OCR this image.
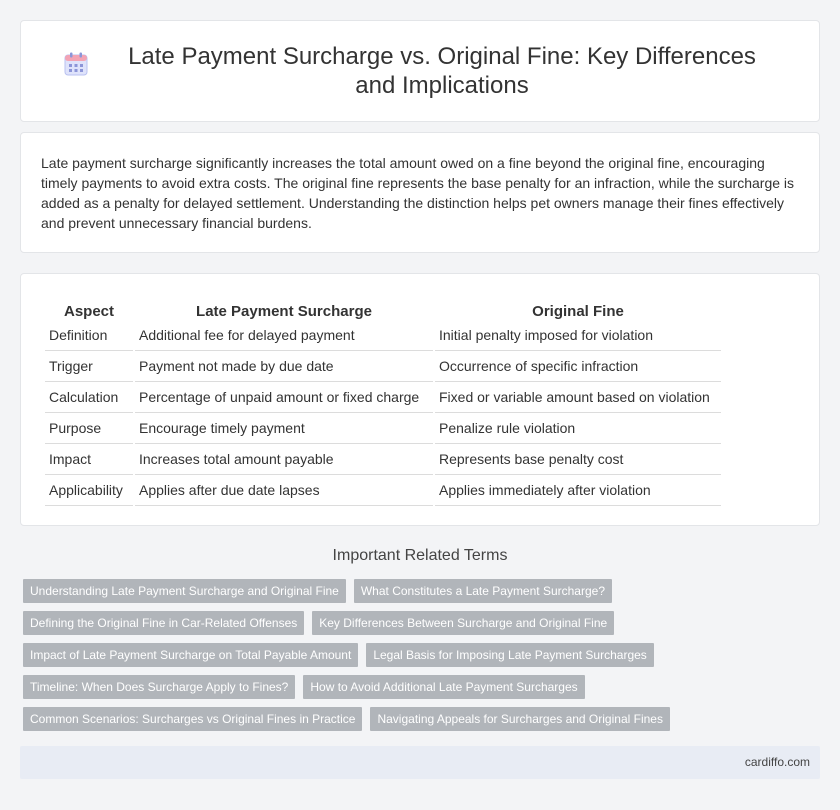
Late Payment Surcharge vs. Original Fine: Key Differences and Implications

Late payment surcharge significantly increases the total amount owed on a fine beyond the original fine, encouraging timely payments to avoid extra costs. The original fine represents the base penalty for an infraction, while the surcharge is added as a penalty for delayed settlement. Understanding the distinction helps pet owners manage their fines effectively and prevent unnecessary financial burdens.

Aspect	Late Payment Surcharge	Original Fine
Definition	Additional fee for delayed payment	Initial penalty imposed for violation
Trigger	Payment not made by due date	Occurrence of specific infraction
Calculation	Percentage of unpaid amount or fixed charge	Fixed or variable amount based on violation
Purpose	Encourage timely payment	Penalize rule violation
Impact	Increases total amount payable	Represents base penalty cost
Applicability	Applies after due date lapses	Applies immediately after violation
Important Related Terms
Understanding Late Payment Surcharge and Original Fine	What Constitutes a Late Payment Surcharge?
Defining the Original Fine in Car-Related Offenses	Key Differences Between Surcharge and Original Fine
Impact of Late Payment Surcharge on Total Payable Amount	Legal Basis for Imposing Late Payment Surcharges
Timeline: When Does Surcharge Apply to Fines?	How to Avoid Additional Late Payment Surcharges
Common Scenarios: Surcharges vs Original Fines in Practice	Navigating Appeals for Surcharges and Original Fines
cardiffo.com
